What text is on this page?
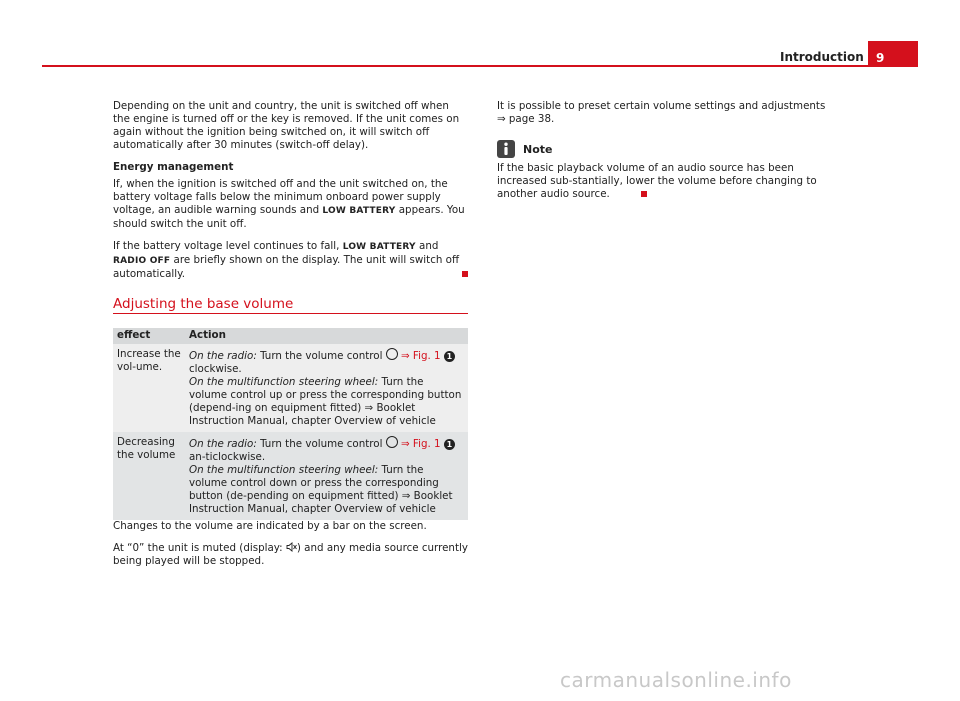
Introduction	9

Depending on the unit and country, the unit is switched off when the engine is turned off or the key is removed. If the unit comes on again without the ignition being switched on, it will switch off automatically after 30 minutes (switch-off delay).

Energy management

If, when the ignition is switched off and the unit switched on, the battery voltage falls below the minimum onboard power supply voltage, an audible warning sounds and LOW BATTERY appears. You should switch the unit off.

If the battery voltage level continues to fall, LOW BATTERY and RADIO OFF are briefly shown on the display. The unit will switch off automatically.

Adjusting the base volume
effect	Action
Increase the vol-ume.	On the radio: Turn the volume control ⇒ Fig. 1 1
clockwise.
On the multifunction steering wheel: Turn the volume control up or press the corresponding button (depend-ing on equipment fitted) ⇒ Booklet Instruction Manual, chapter Overview of vehicle
Decreasing the volume	On the radio: Turn the volume control ⇒ Fig. 1 1 an-ticlockwise.
On the multifunction steering wheel: Turn the volume control down or press the corresponding button (de-pending on equipment fitted) ⇒ Booklet Instruction Manual, chapter Overview of vehicle

Changes to the volume are indicated by a bar on the screen.

At “0” the unit is muted (display: ) and any media source currently being played will be stopped.

It is possible to preset certain volume settings and adjustments ⇒ page 38.

Note

If the basic playback volume of an audio source has been increased sub-stantially, lower the volume before changing to another audio source.

carmanualsonline.info
